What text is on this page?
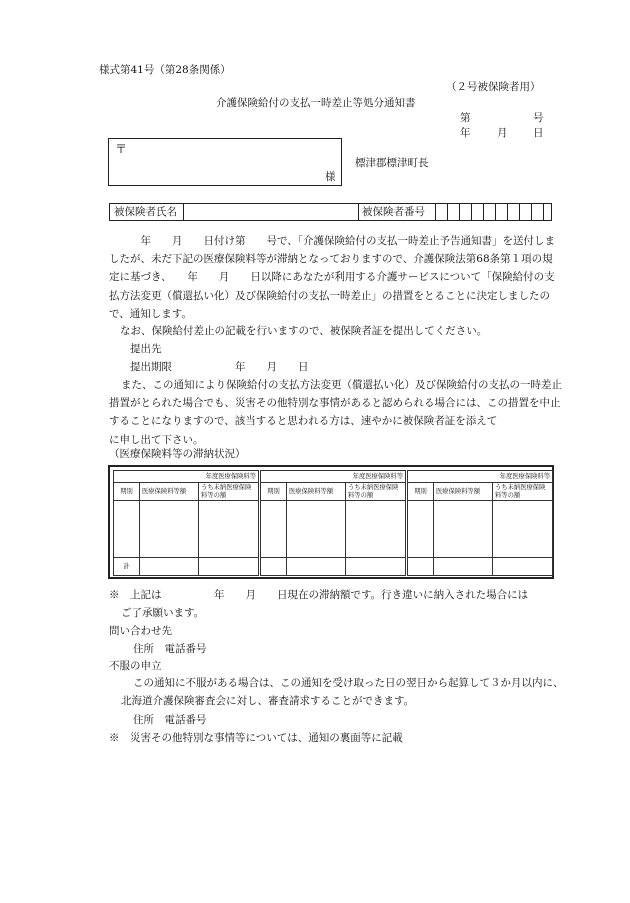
様式第41号（第28条関係）
（２号被保険者用）
介護保険給付の支払一時差止等処分通知書
第	号
年	月 日
〒
様
標津郡標津町長
被保険者氏名	被保険者番号
　　　年　　月　　日付け第　　号で、「介護保険給付の支払一時差止予告通知書」を送付しましたが、未だ下記の医療保険料等が滞納となっておりますので、介護保険法第68条第１項の規定に基づき、　　年　　月　　日以降にあなたが利用する介護サービスについて「保険給付の支払方法変更（償還払い化）及び保険給付の支払一時差止」の措置をとることに決定しましたので、通知します。
なお、保険給付差止の記載を行いますので、被保険者証を提出してください。
提出先
提出期限　　　　　　年　　月　　日
また、この通知により保険給付の支払方法変更（償還払い化）及び保険給付の支払の一時差止措置がとられた場合でも、災害その他特別な事情があると認められる場合には、この措置を中止することになりますので、該当すると思われる方は、速やかに被保険者証を添えて　　　　　　　　に申し出て下さい。
（医療保険料等の滞納状況）
年度医療保険料等		
期別	医療保険料等額	うち未納医療保険料等の額

計		
年度医療保険料等		
期別	医療保険料等額	うち未納医療保険料等の額

年度医療保険料等		
期別	医療保険料等額	うち未納医療保険料等の額

※　上記は　　　　　年　　月　　日現在の滞納額です。行き違いに納入された場合には
ご了承願います。
問い合わせ先
住所　電話番号
不服の申立
この通知に不服がある場合は、この通知を受け取った日の翌日から起算して３か月以内に、北海道介護保険審査会に対し、審査請求することができます。
住所　電話番号
※　災害その他特別な事情等については、通知の裏面等に記載
